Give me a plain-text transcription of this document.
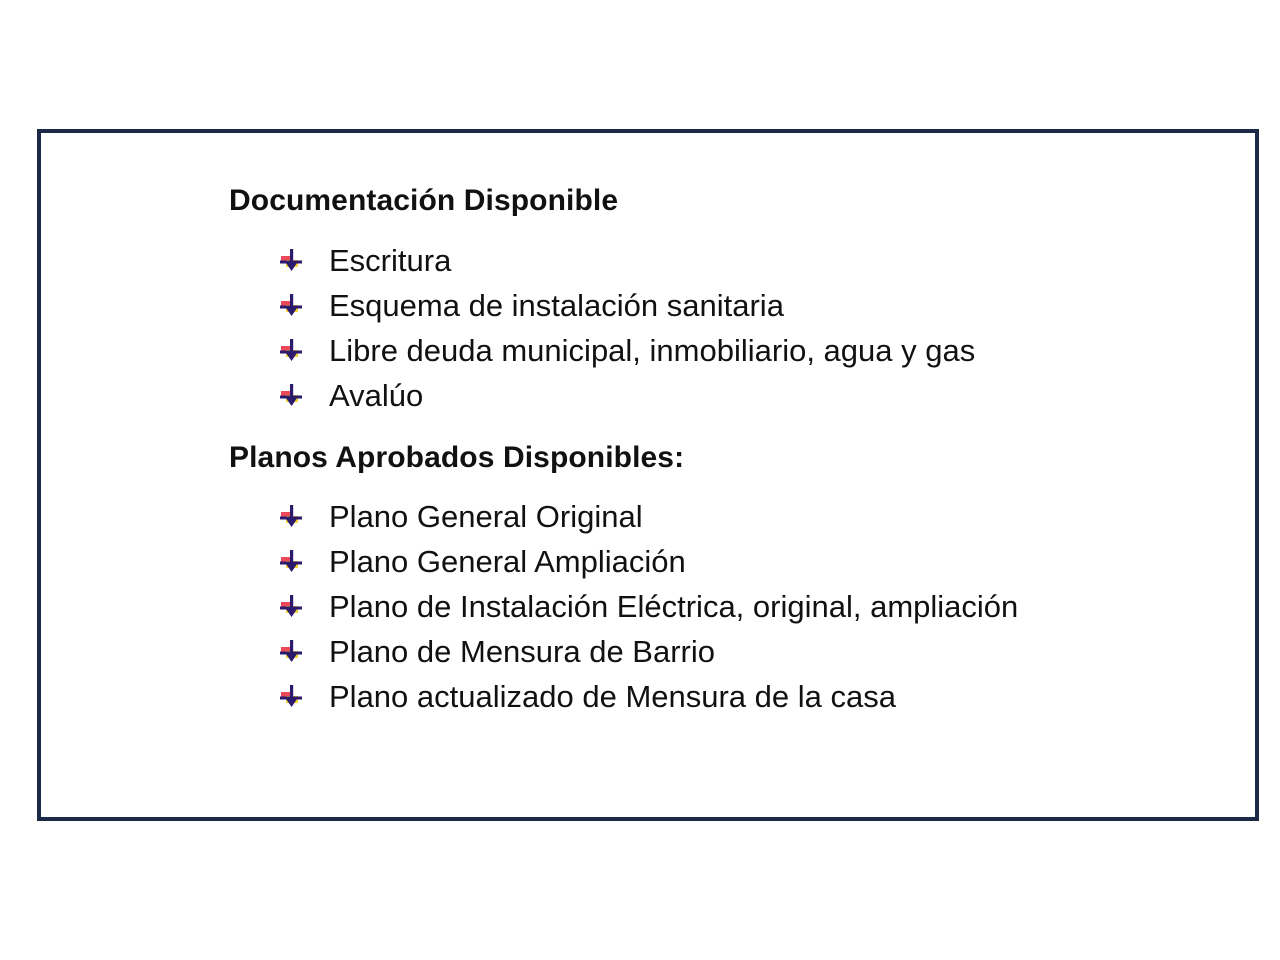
Documentación Disponible
Escritura
Esquema de instalación sanitaria
Libre deuda municipal, inmobiliario, agua y gas
Avalúo
Planos Aprobados Disponibles:
Plano General Original
Plano General Ampliación
Plano de Instalación Eléctrica, original, ampliación
Plano de Mensura de Barrio
Plano actualizado de Mensura de la casa
